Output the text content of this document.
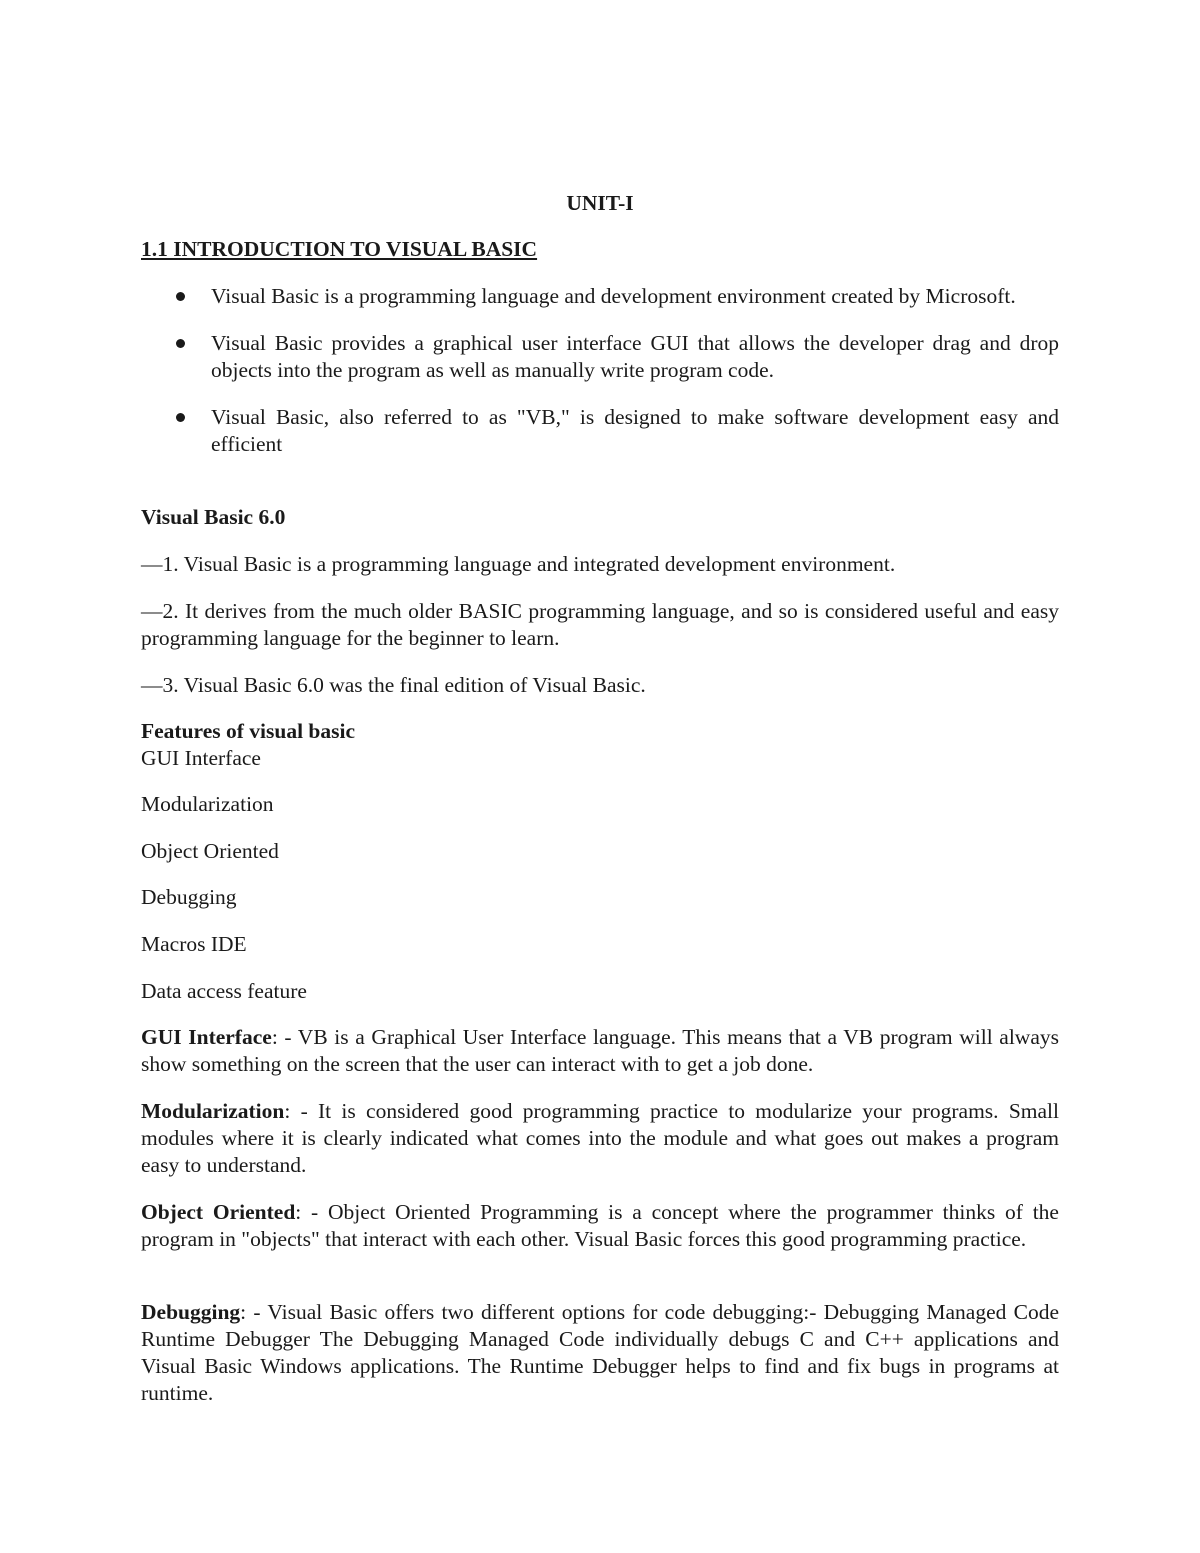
UNIT-I
1.1 INTRODUCTION TO VISUAL BASIC
Visual Basic is a programming language and development environment created by Microsoft.
Visual Basic provides a graphical user interface GUI that allows the developer drag and drop objects into the program as well as manually write program code.
Visual Basic, also referred to as "VB," is designed to make software development easy and efficient

Visual Basic 6.0

—1. Visual Basic is a programming language and integrated development environment.

—2. It derives from the much older BASIC programming language, and so is considered useful and easy programming language for the beginner to learn.

—3. Visual Basic 6.0 was the final edition of Visual Basic.

Features of visual basic

GUI Interface

Modularization

Object Oriented

Debugging

Macros IDE

Data access feature

GUI Interface: - VB is a Graphical User Interface language. This means that a VB program will always show something on the screen that the user can interact with to get a job done.

Modularization: - It is considered good programming practice to modularize your programs. Small modules where it is clearly indicated what comes into the module and what goes out makes a program easy to understand.

Object Oriented: - Object Oriented Programming is a concept where the programmer thinks of the program in "objects" that interact with each other. Visual Basic forces this good programming practice.

Debugging: - Visual Basic offers two different options for code debugging:- Debugging Managed Code Runtime Debugger The Debugging Managed Code individually debugs C and C++ applications and Visual Basic Windows applications. The Runtime Debugger helps to find and fix bugs in programs at runtime.
